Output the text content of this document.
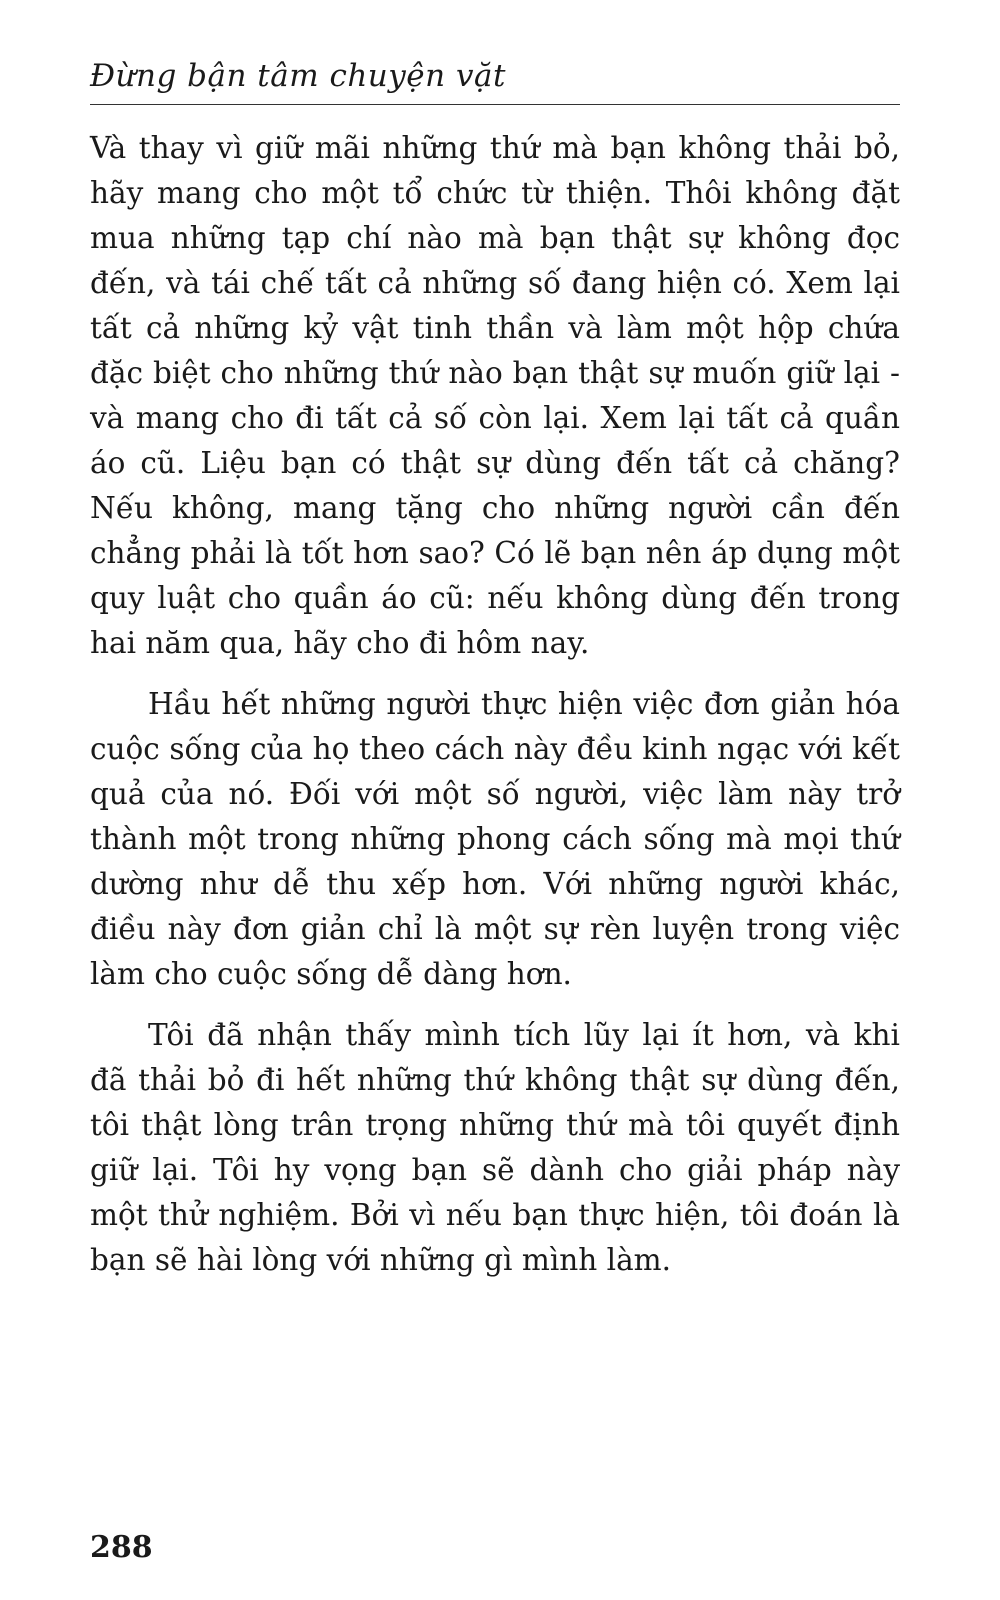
Đừng bận tâm chuyện vặt

Và thay vì giữ mãi những thứ mà bạn không thải bỏ, hãy mang cho một tổ chức từ thiện. Thôi không đặt mua những tạp chí nào mà bạn thật sự không đọc đến, và tái chế tất cả những số đang hiện có. Xem lại tất cả những kỷ vật tinh thần và làm một hộp chứa đặc biệt cho những thứ nào bạn thật sự muốn giữ lại - và mang cho đi tất cả số còn lại. Xem lại tất cả quần áo cũ. Liệu bạn có thật sự dùng đến tất cả chăng? Nếu không, mang tặng cho những người cần đến chẳng phải là tốt hơn sao? Có lẽ bạn nên áp dụng một quy luật cho quần áo cũ: nếu không dùng đến trong hai năm qua, hãy cho đi hôm nay.

Hầu hết những người thực hiện việc đơn giản hóa cuộc sống của họ theo cách này đều kinh ngạc với kết quả của nó. Đối với một số người, việc làm này trở thành một trong những phong cách sống mà mọi thứ dường như dễ thu xếp hơn. Với những người khác, điều này đơn giản chỉ là một sự rèn luyện trong việc làm cho cuộc sống dễ dàng hơn.

Tôi đã nhận thấy mình tích lũy lại ít hơn, và khi đã thải bỏ đi hết những thứ không thật sự dùng đến, tôi thật lòng trân trọng những thứ mà tôi quyết định giữ lại. Tôi hy vọng bạn sẽ dành cho giải pháp này một thử nghiệm. Bởi vì nếu bạn thực hiện, tôi đoán là bạn sẽ hài lòng với những gì mình làm.

288
